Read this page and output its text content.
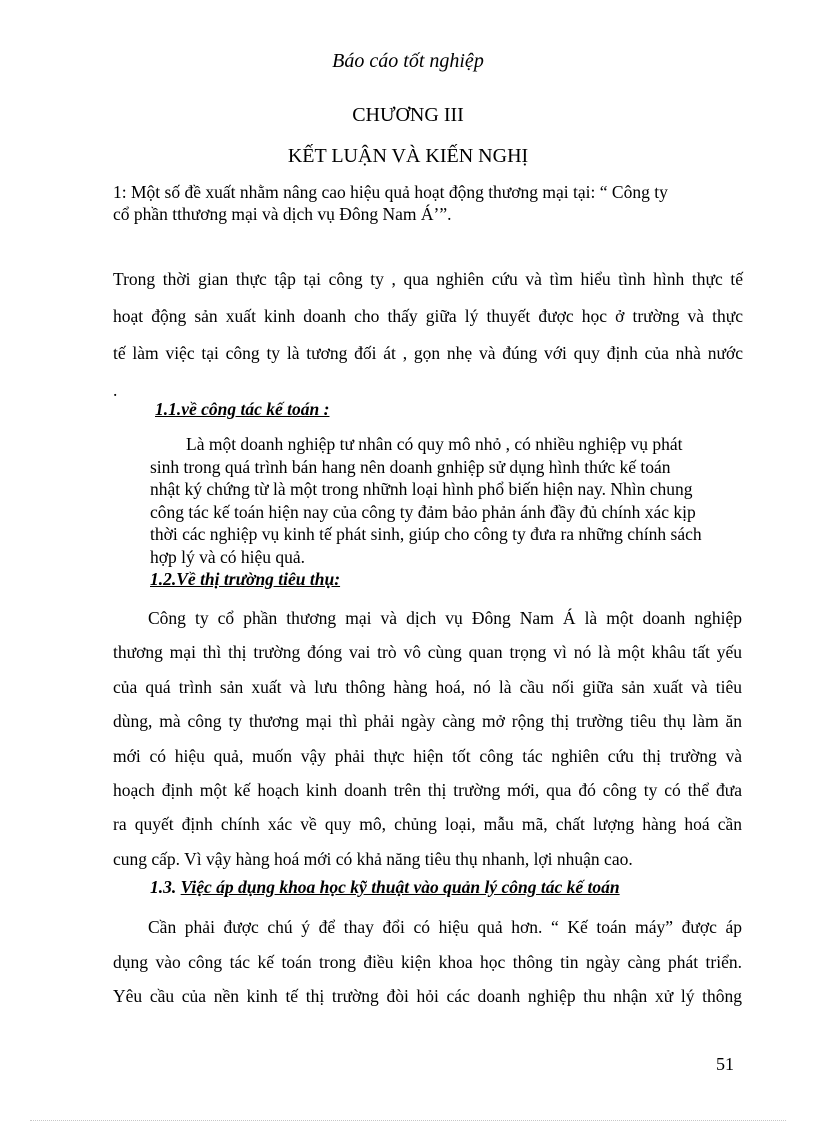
Báo cáo tốt nghiệp
CHƯƠNG III
KẾT LUẬN VÀ KIẾN NGHỊ
1: Một số đề xuất nhằm nâng cao hiệu quả hoạt động thương mại tại: “ Công ty
cổ phần tthương mại và dịch vụ Đông Nam Á’”.
Trong thời gian thực tập tại công ty , qua nghiên cứu và tìm hiểu tình hình thực tế
hoạt động sản xuất kinh doanh cho thấy giữa lý thuyết được học ở trường và thực
tế làm việc tại công ty là tương đối át , gọn nhẹ và đúng với quy định của nhà nước
.
1.1.về công tác kế toán :
Là một doanh nghiệp tư nhân có quy mô nhỏ , có nhiều nghiệp vụ phát
sinh trong quá trình bán hang nên doanh gnhiệp sử dụng hình thức kế toán
nhật ký chứng từ là một trong nhữnh loại hình phổ biến hiện nay. Nhìn chung
công tác kế toán hiện nay của công ty đảm bảo phản ánh đầy đủ chính xác kịp
thời các nghiệp vụ kinh tế phát sinh, giúp cho công ty đưa ra những chính sách
hợp lý và có hiệu quả.
1.2.Về thị trường tiêu thụ:
Công ty cổ phần thương mại và dịch vụ Đông Nam Á là một doanh nghiệp
thương mại thì thị trường đóng vai trò vô cùng quan trọng vì nó là một khâu tất yếu
của quá trình sản xuất và lưu thông hàng hoá, nó là cầu nối giữa sản xuất và tiêu
dùng, mà công ty thương mại thì phải ngày càng mở rộng thị trường tiêu thụ làm ăn
mới có hiệu quả, muốn vậy phải thực hiện tốt công tác nghiên cứu thị trường và
hoạch định một kế hoạch kinh doanh trên thị trường mới, qua đó công ty có thể đưa
ra quyết định chính xác về quy mô, chủng loại, mẫu mã, chất lượng hàng hoá cần
cung cấp. Vì vậy hàng hoá mới có khả năng tiêu thụ nhanh, lợi nhuận cao.
1.3. Việc áp dụng khoa học kỹ thuật vào quản lý công tác kế toán
Cần phải được chú ý để thay đổi có hiệu quả hơn. “ Kế toán máy” được áp
dụng vào công tác kế toán trong điều kiện khoa học thông tin ngày càng phát triển.
Yêu cầu của nền kinh tế thị trường đòi hỏi các doanh nghiệp thu nhận xử lý thông
51
